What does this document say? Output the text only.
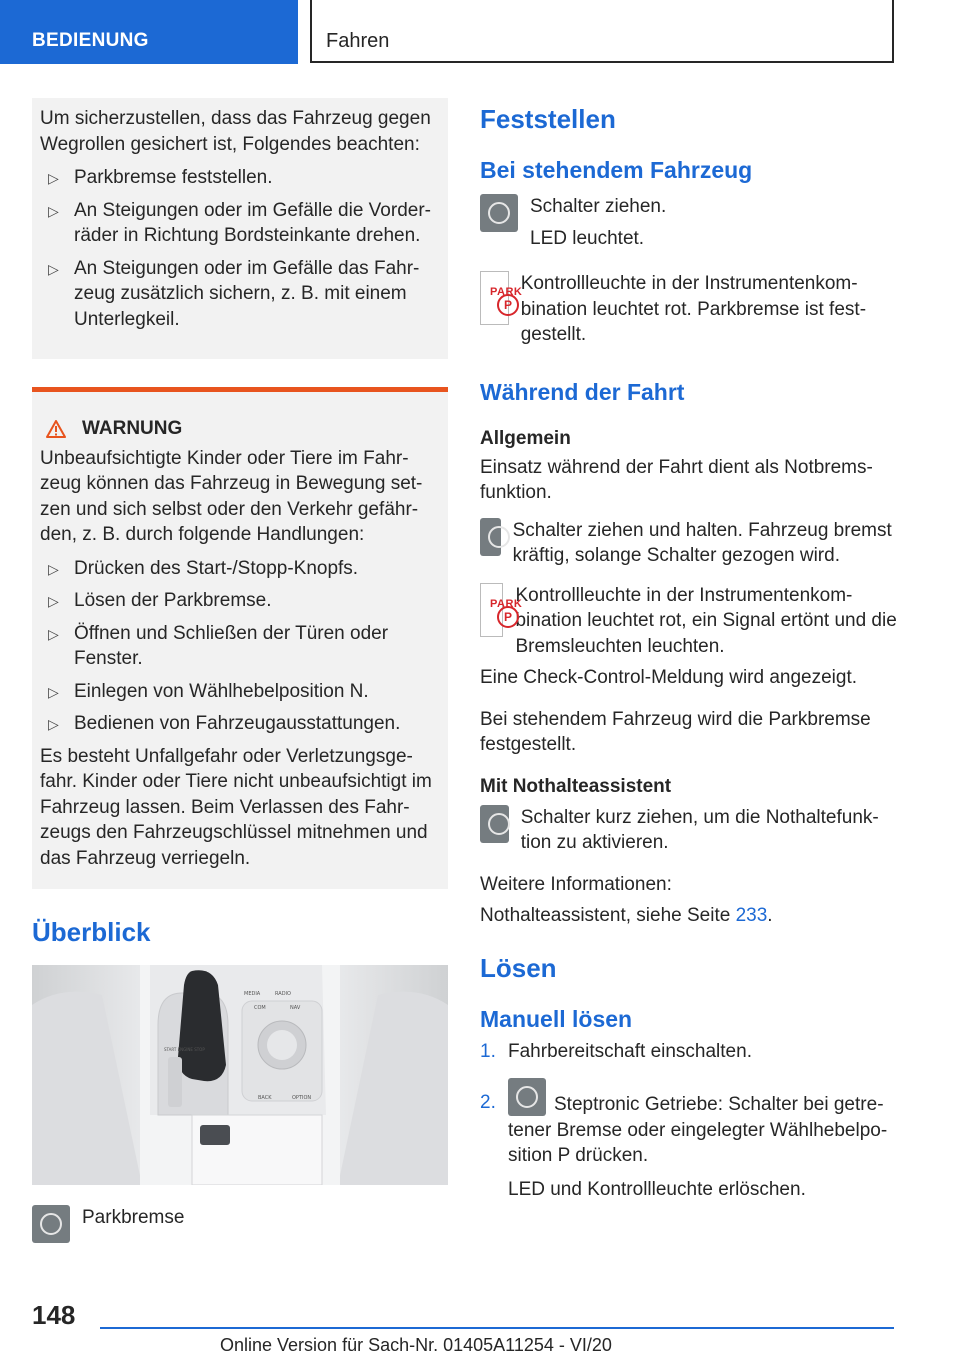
BEDIENUNG	Fahren

Um sicherzustellen, dass das Fahrzeug gegen Wegrollen gesichert ist, Folgendes beachten:

▷ Parkbremse feststellen.
▷ An Steigungen oder im Gefälle die Vorderräder in Richtung Bordsteinkante drehen.
▷ An Steigungen oder im Gefälle das Fahrzeug zusätzlich sichern, z. B. mit einem Unterlegkeil.
WARNUNG

Unbeaufsichtigte Kinder oder Tiere im Fahrzeug können das Fahrzeug in Bewegung setzen und sich selbst oder den Verkehr gefährden, z. B. durch folgende Handlungen:

▷ Drücken des Start-/Stopp-Knopfs.
▷ Lösen der Parkbremse.
▷ Öffnen und Schließen der Türen oder Fenster.
▷ Einlegen von Wählhebelposition N.
▷ Bedienen von Fahrzeugausstattungen.

Es besteht Unfallgefahr oder Verletzungsgefahr. Kinder oder Tiere nicht unbeaufsichtigt im Fahrzeug lassen. Beim Verlassen des Fahrzeugs den Fahrzeugschlüssel mitnehmen und das Fahrzeug verriegeln.

Überblick
MEDIA	RADIO
COM	NAV
BACK	OPTION
START ENGINE STOP
Parkbremse
Feststellen
Bei stehendem Fahrzeug

Schalter ziehen.

LED leuchtet.

PARK
P

Kontrollleuchte in der Instrumentenkombination leuchtet rot. Parkbremse ist festgestellt.

Während der Fahrt
Allgemein

Einsatz während der Fahrt dient als Notbremsfunktion.

Schalter ziehen und halten. Fahrzeug bremst kräftig, solange Schalter gezogen wird.

PARK
P

Kontrollleuchte in der Instrumentenkombination leuchtet rot, ein Signal ertönt und die Bremsleuchten leuchten.

Eine Check-Control-Meldung wird angezeigt.

Bei stehendem Fahrzeug wird die Parkbremse festgestellt.

Mit Nothalteassistent

Schalter kurz ziehen, um die Nothaltefunktion zu aktivieren.

Weitere Informationen:

Nothalteassistent, siehe Seite 233.

Lösen
Manuell lösen
1. Fahrbereitschaft einschalten.
2.	Steptronic Getriebe: Schalter bei getretener Bremse oder eingelegter Wählhebelposition P drücken.

LED und Kontrollleuchte erlöschen.

148
Online Version für Sach-Nr. 01405A11254 - VI/20
